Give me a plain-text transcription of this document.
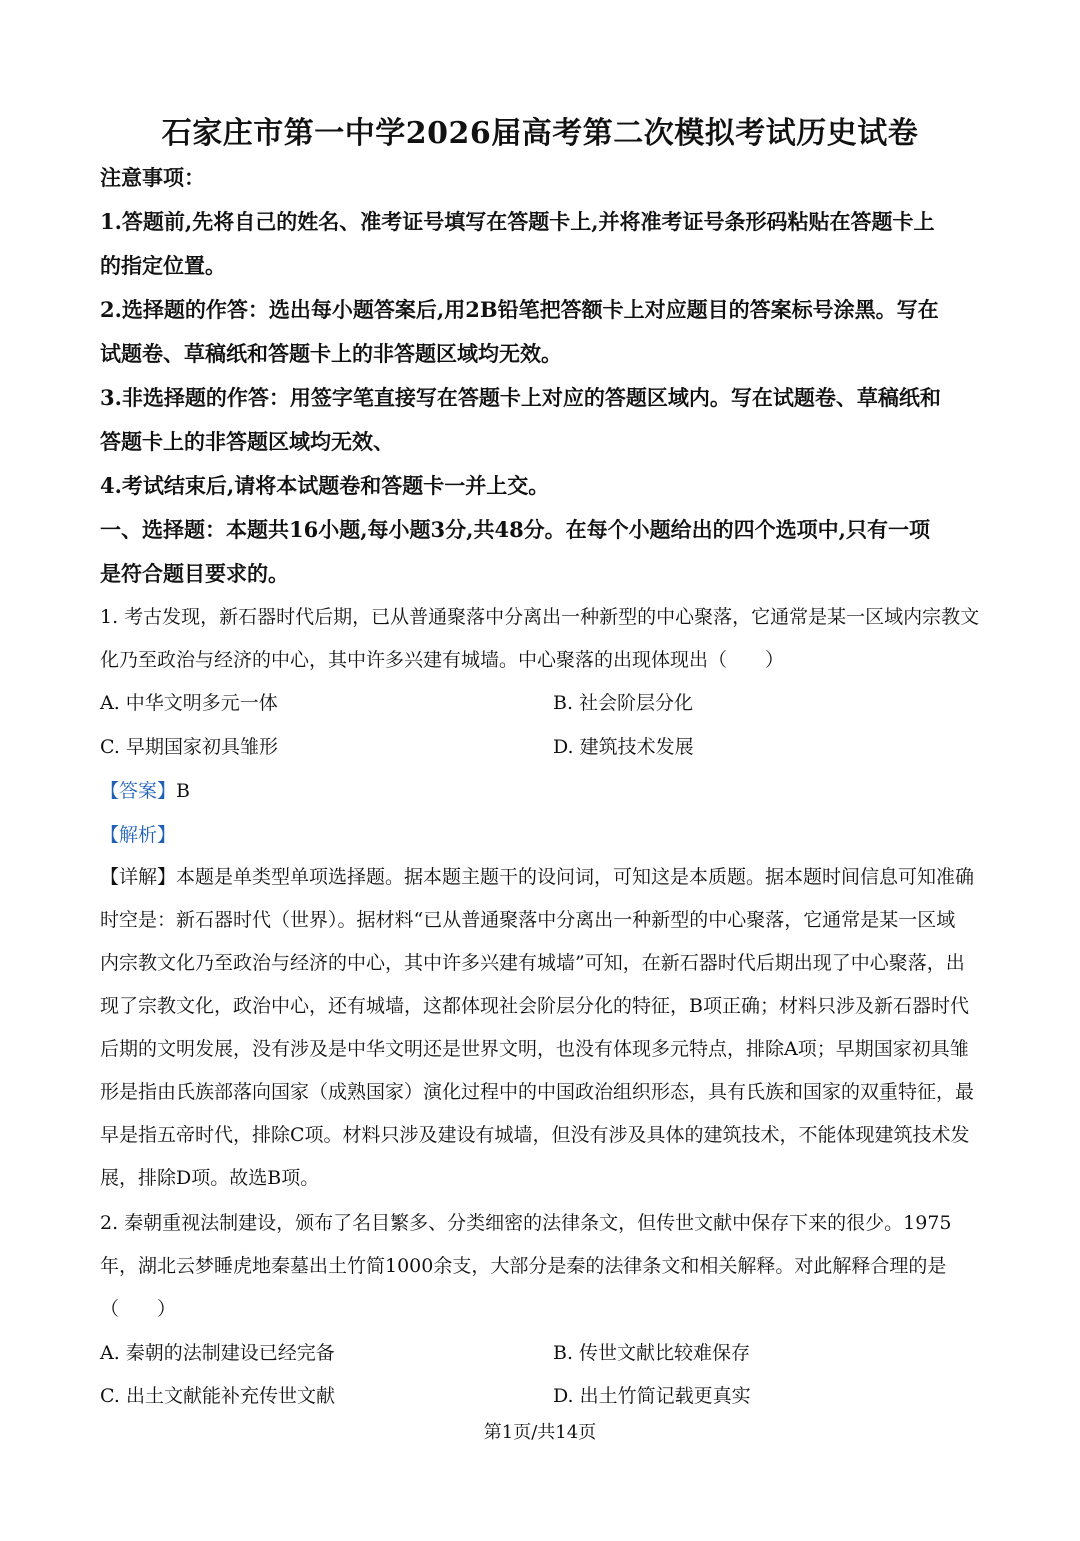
石家庄市第一中学2026届高考第二次模拟考试历史试卷

注意事项：

1.答题前,先将自己的姓名、准考证号填写在答题卡上,并将准考证号条形码粘贴在答题卡上

的指定位置。

2.选择题的作答：选出每小题答案后,用2B铅笔把答额卡上对应题目的答案标号涂黑。写在

试题卷、草稿纸和答题卡上的非答题区域均无效。

3.非选择题的作答：用签字笔直接写在答题卡上对应的答题区域内。写在试题卷、草稿纸和

答题卡上的非答题区域均无效、

4.考试结束后,请将本试题卷和答题卡一并上交。

一、选择题：本题共16小题,每小题3分,共48分。在每个小题给出的四个选项中,只有一项

是符合题目要求的。

1. 考古发现，新石器时代后期，已从普通聚落中分离出一种新型的中心聚落，它通常是某一区域内宗教文

化乃至政治与经济的中心，其中许多兴建有城墙。中心聚落的出现体现出（　　）

A. 中华文明多元一体	B. 社会阶层分化

C. 早期国家初具雏形	D. 建筑技术发展

【答案】B

【解析】

【详解】本题是单类型单项选择题。据本题主题干的设问词，可知这是本质题。据本题时间信息可知准确

时空是：新石器时代（世界）。据材料“已从普通聚落中分离出一种新型的中心聚落，它通常是某一区域

内宗教文化乃至政治与经济的中心，其中许多兴建有城墙”可知，在新石器时代后期出现了中心聚落，出

现了宗教文化，政治中心，还有城墙，这都体现社会阶层分化的特征，B项正确；材料只涉及新石器时代

后期的文明发展，没有涉及是中华文明还是世界文明，也没有体现多元特点，排除A项；早期国家初具雏

形是指由氏族部落向国家（成熟国家）演化过程中的中国政治组织形态，具有氏族和国家的双重特征，最

早是指五帝时代，排除C项。材料只涉及建设有城墙，但没有涉及具体的建筑技术，不能体现建筑技术发

展，排除D项。故选B项。

2. 秦朝重视法制建设，颁布了名目繁多、分类细密的法律条文，但传世文献中保存下来的很少。1975

年，湖北云梦睡虎地秦墓出土竹简1000余支，大部分是秦的法律条文和相关解释。对此解释合理的是

（　　）

A. 秦朝的法制建设已经完备	B. 传世文献比较难保存

C. 出土文献能补充传世文献	D. 出土竹简记载更真实

第1页/共14页
